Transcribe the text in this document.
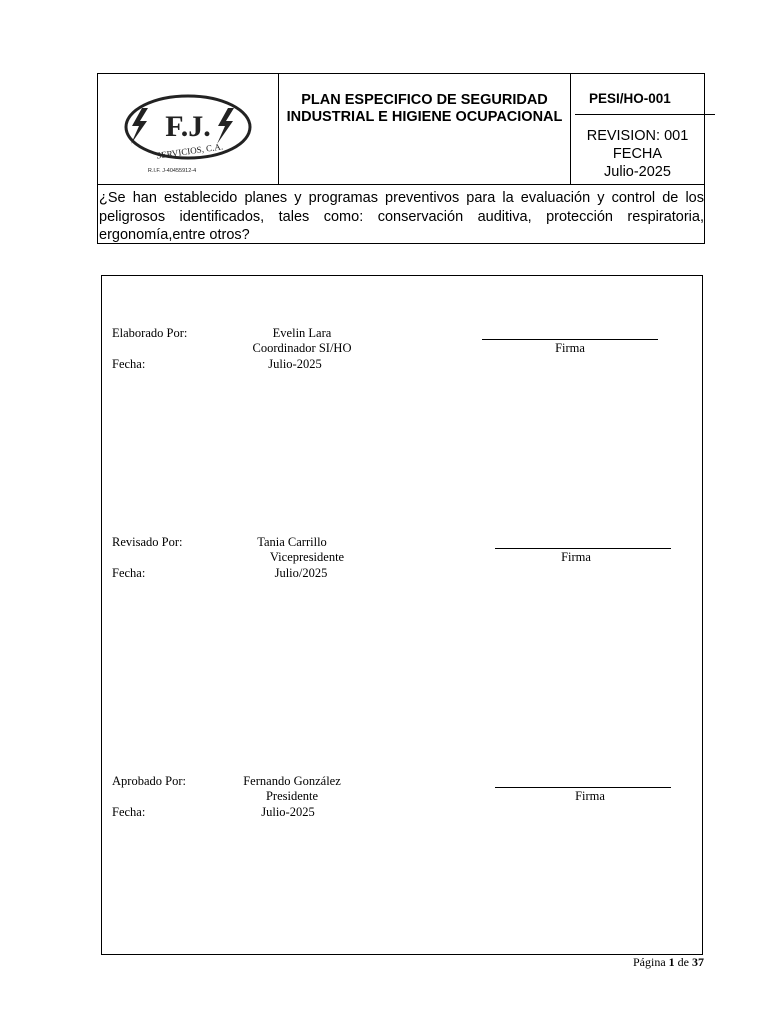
F.J.
SERVICIOS, C.A.
R.I.F. J-40455912-4
PLAN ESPECIFICO DE SEGURIDAD INDUSTRIAL E HIGIENE OCUPACIONAL
PESI/HO-001
REVISION: 001
FECHA
Julio-2025
¿Se han establecido planes y programas preventivos para la evaluación y control de los peligrosos identificados, tales como: conservación auditiva, protección respiratoria, ergonomía,entre otros?
Elaborado Por:	Evelin Lara
Coordinador SI/HO
Fecha:	Julio-2025
Firma
Revisado Por:	Tania Carrillo
Vicepresidente
Fecha:	Julio/2025
Firma
Aprobado Por:	Fernando González
Presidente
Fecha:	Julio-2025
Firma
Página 1 de 37
